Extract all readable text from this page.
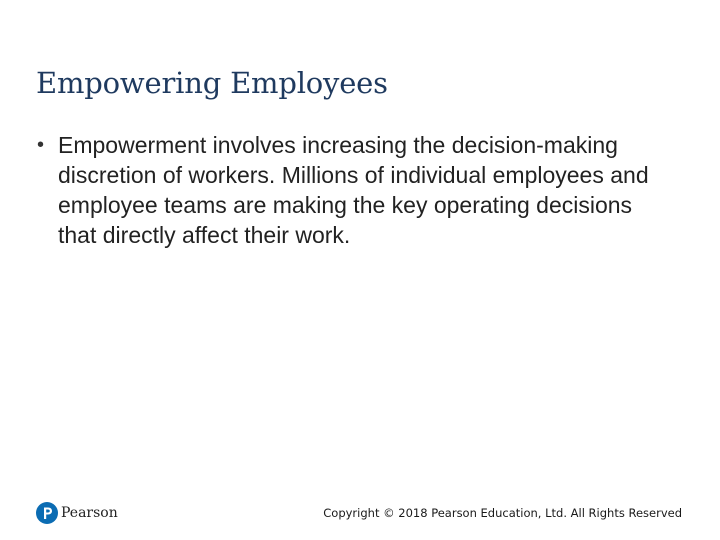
Empowering Employees
• Empowerment involves increasing the decision-making discretion of workers. Millions of individual employees and employee teams are making the key operating decisions that directly affect their work.
Pearson	Copyright © 2018 Pearson Education, Ltd. All Rights Reserved
